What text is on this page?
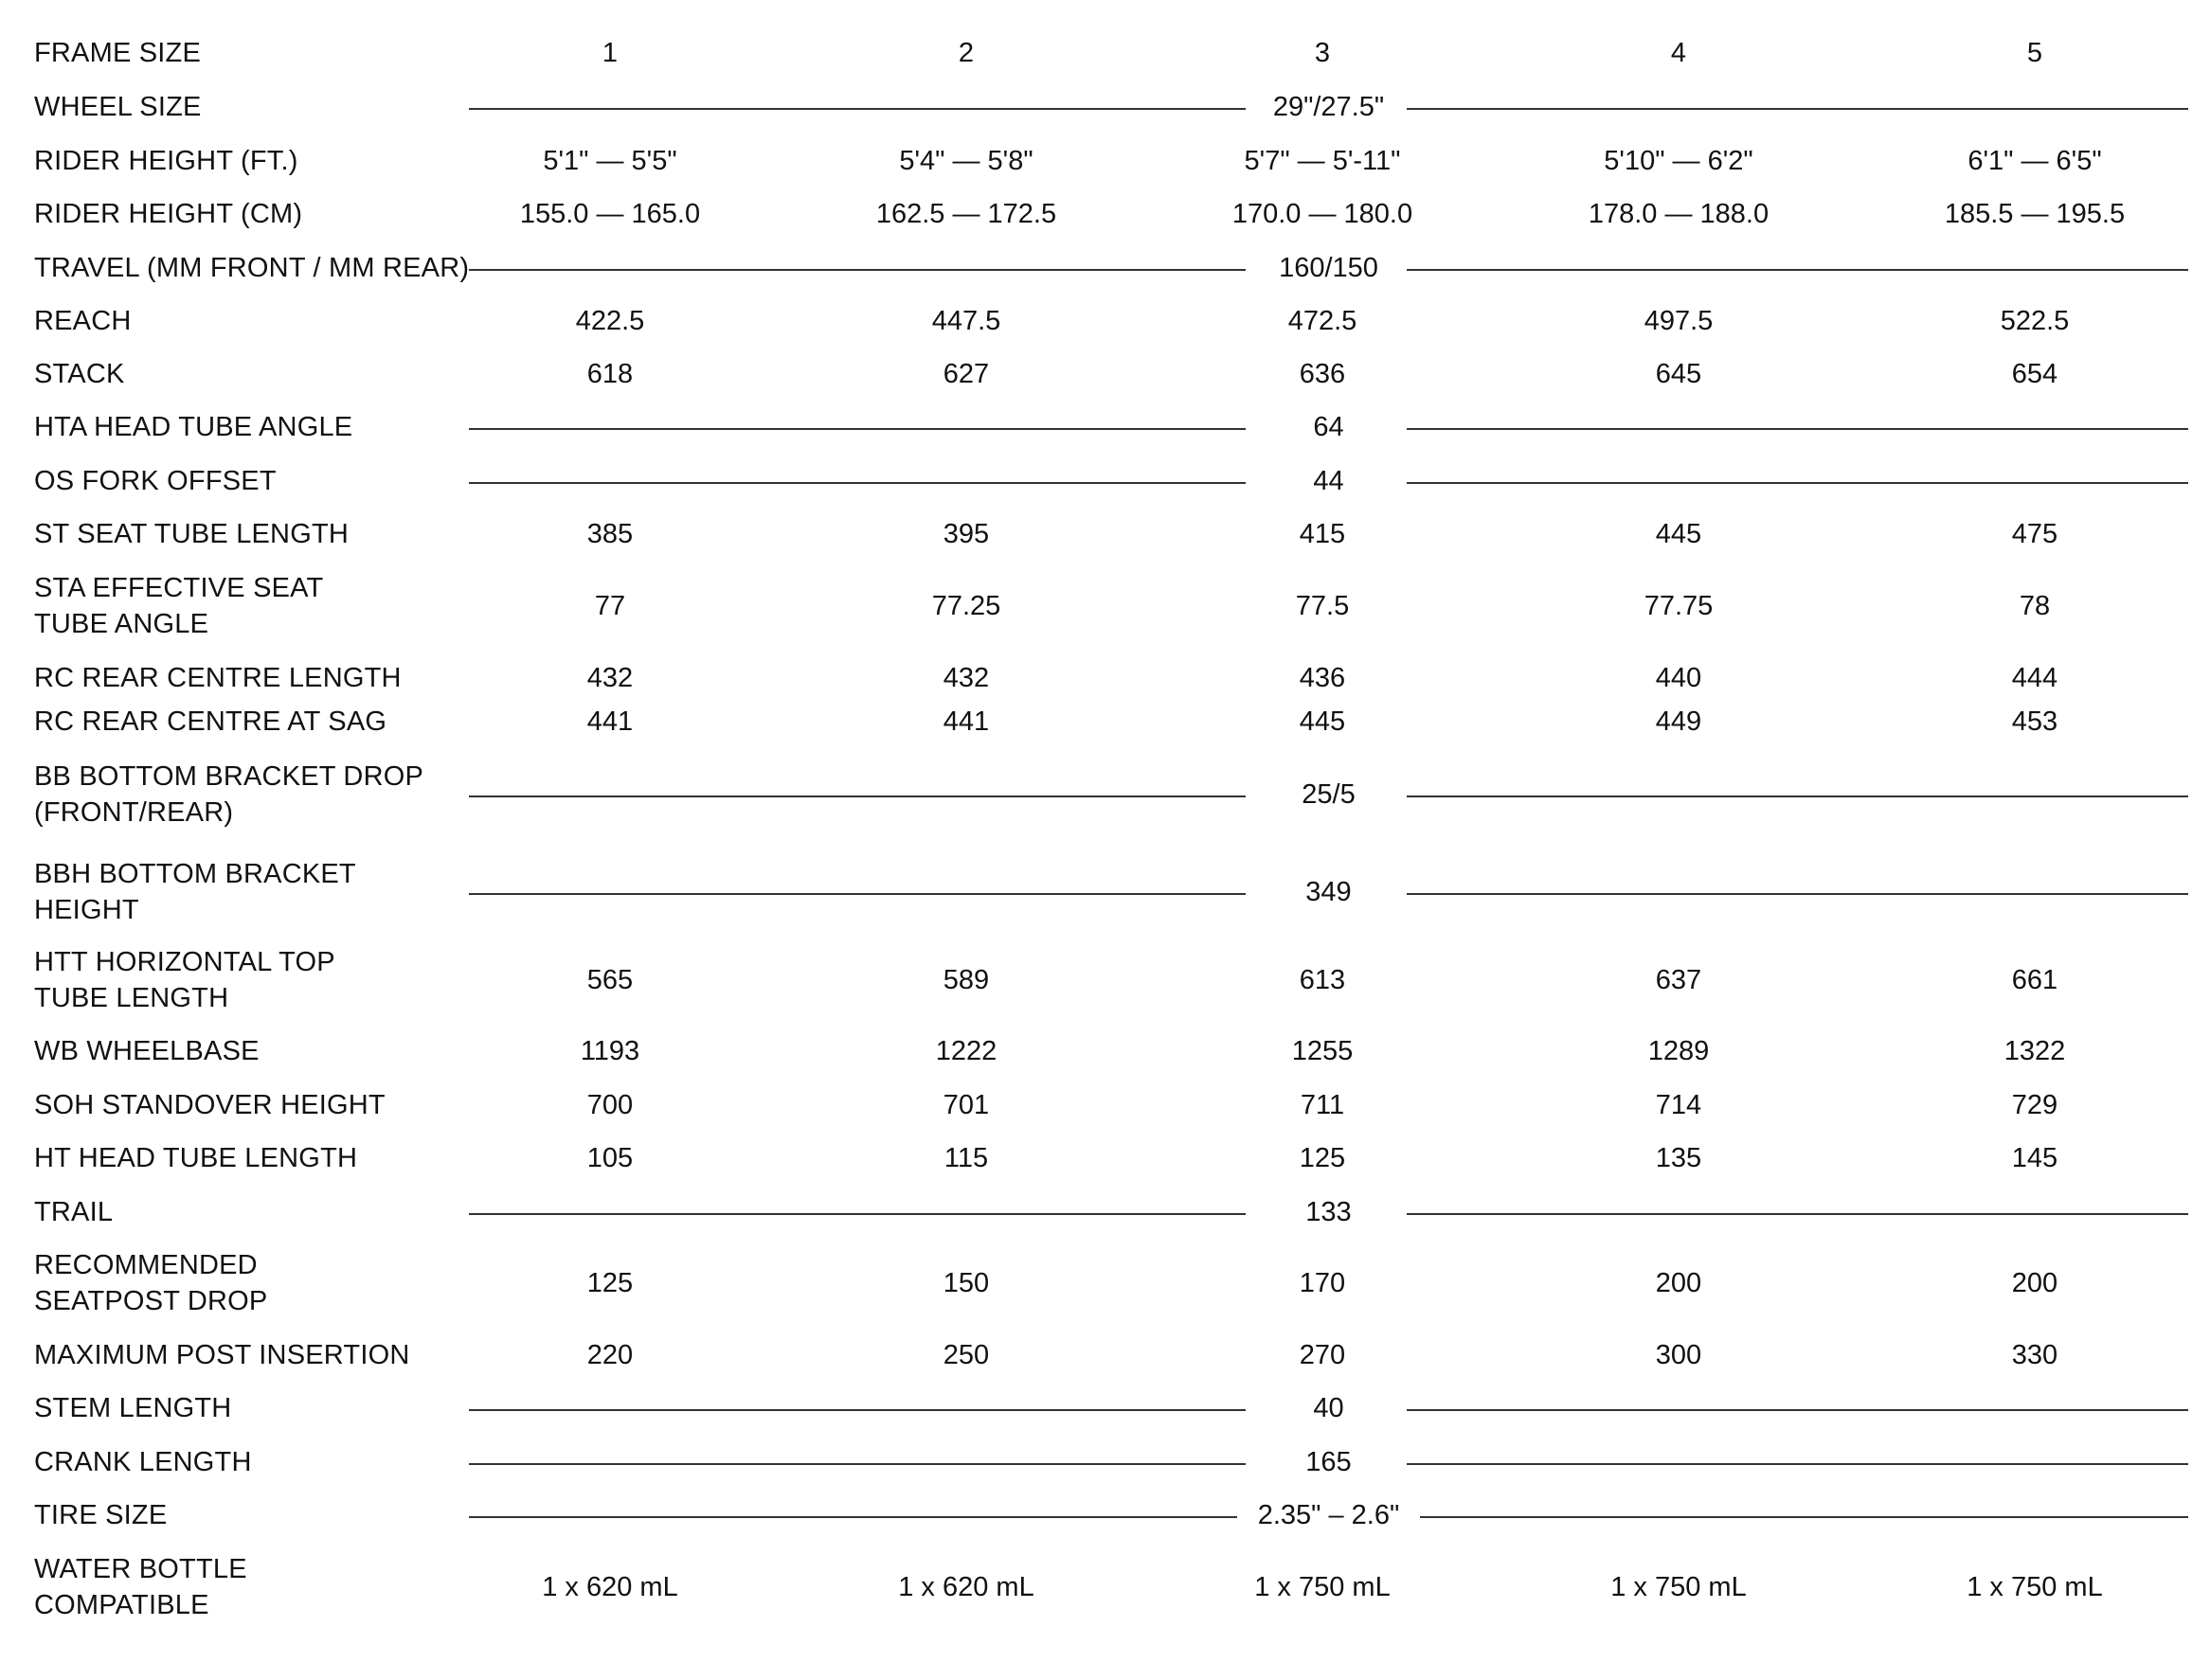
FRAME SIZE	1	2	3	4	5
WHEEL SIZE	29"/27.5"
RIDER HEIGHT (FT.)	5'1" — 5'5"	5'4" — 5'8"	5'7" — 5'-11"	5'10" — 6'2"	6'1" — 6'5"
RIDER HEIGHT (CM)	155.0 — 165.0	162.5 — 172.5	170.0 — 180.0	178.0 — 188.0	185.5 — 195.5
TRAVEL (MM FRONT / MM REAR)	160/150
REACH	422.5	447.5	472.5	497.5	522.5
STACK	618	627	636	645	654
HTA HEAD TUBE ANGLE	64
OS FORK OFFSET	44
ST SEAT TUBE LENGTH	385	395	415	445	475
STA EFFECTIVE SEAT
TUBE ANGLE
77	77.25	77.5	77.75	78
RC REAR CENTRE LENGTH	432	432	436	440	444
RC REAR CENTRE AT SAG	441	441	445	449	453
BB BOTTOM BRACKET DROP
(FRONT/REAR)
25/5
BBH BOTTOM BRACKET
HEIGHT
349
HTT HORIZONTAL TOP
TUBE LENGTH
565	589	613	637	661
WB WHEELBASE	1193	1222	1255	1289	1322
SOH STANDOVER HEIGHT	700	701	711	714	729
HT HEAD TUBE LENGTH	105	115	125	135	145
TRAIL	133
RECOMMENDED
SEATPOST DROP
125	150	170	200	200
MAXIMUM POST INSERTION	220	250	270	300	330
STEM LENGTH	40
CRANK LENGTH	165
TIRE SIZE	2.35" – 2.6"
WATER BOTTLE
COMPATIBLE
1 x 620 mL	1 x 620 mL	1 x 750 mL	1 x 750 mL	1 x 750 mL
